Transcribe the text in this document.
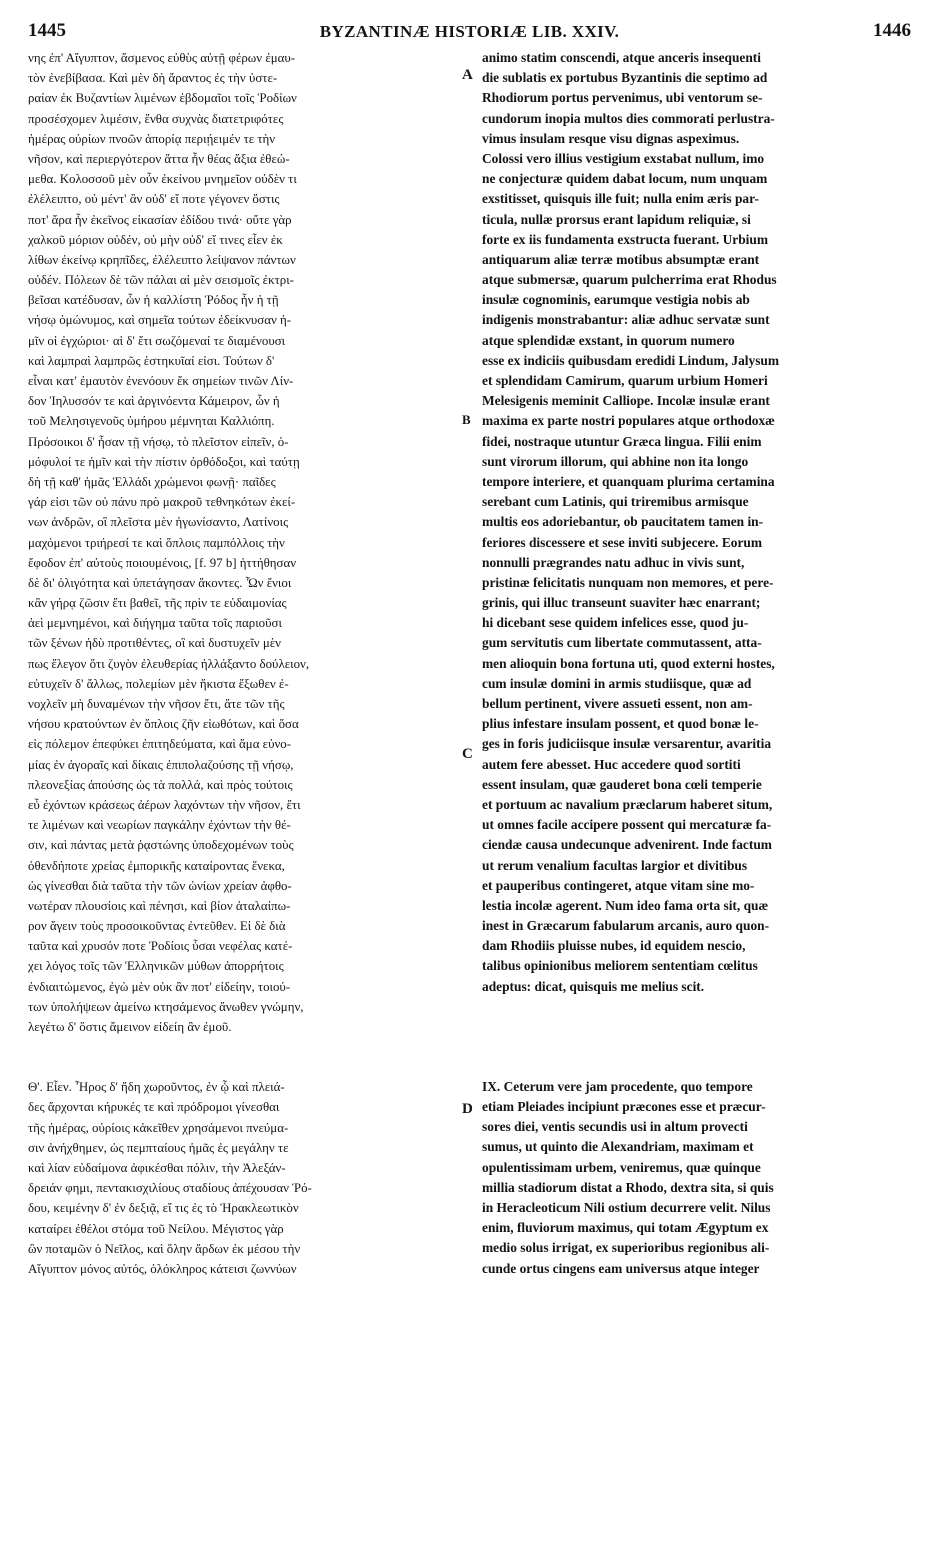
1445	BYZANTINÆ HISTORIÆ LIB. XXIV.	1446
νης ἐπ' Αἴγυπτον, ἄσμενος εὐθὺς αὐτῇ φέρων ἐμαυ-
τὸν ἐνεβίβασα. Καὶ μὲν δὴ ἄραντος ἐς τὴν ὑστε-
ραίαν ἐκ Βυζαντίων λιμένων ἑβδομαῖοι τοῖς Ῥοδίων
προσέσχομεν λιμέσιν, ἔνθα συχνὰς διατετριφότες
ἡμέρας οὐρίων πνοῶν ἀπορίᾳ περιῄειμέν τε τὴν
νῆσον, καὶ περιεργότερον ἅττα ἦν θέας ἄξια ἐθεώ-
μεθα. Κολοσσοῦ μὲν οὖν ἐκείνου μνημεῖον οὐδὲν τι
ἐλέλειπτο, οὐ μέντ' ἂν οὐδ' εἴ ποτε γέγονεν ὅστις
ποτ' ἄρα ἦν ἐκεῖνος εἰκασίαν ἐδίδου τινά· οὔτε γὰρ
χαλκοῦ μόριον οὐδέν, οὐ μὴν οὐδ' εἴ τινες εἶεν ἐκ
λίθων ἐκείνῳ κρηπῖδες, ἐλέλειπτο λείψανον πάντων
οὐδέν. Πόλεων δὲ τῶν πάλαι αἱ μὲν σεισμοῖς ἐκτρι-
βεῖσαι κατέδυσαν, ὧν ἡ καλλίστη Ῥόδος ἦν ἡ τῇ
νήσῳ ὁμώνυμος, καὶ σημεῖα τούτων ἐδείκνυσαν ἡ-
μῖν οἱ ἐγχώριοι· αἱ δ' ἔτι σωζόμεναί τε διαμένουσι
καὶ λαμπραὶ λαμπρῶς ἑστηκυῖαί εἰσι. Τούτων δ'
εἶναι κατ' ἐμαυτὸν ἐνενόουν ἔκ σημείων τινῶν Λίν-
δον Ἰηλυσσόν τε καὶ ἀργινόεντα Κάμειρον, ὧν ἡ
τοῦ Μελησιγενοῦς ὑμήρου μέμνηται Καλλιόπη.
Πρόσοικοι δ' ἦσαν τῇ νήσῳ, τὸ πλεῖστον εἰπεῖν, ὁ-
μόφυλοί τε ἡμῖν καὶ τὴν πίστιν ὀρθόδοξοι, καὶ ταύτῃ
δὴ τῇ καθ' ἡμᾶς Ἑλλάδι χρώμενοι φωνῇ· παῖδες
γάρ εἰσι τῶν οὐ πάνυ πρὸ μακροῦ τεθνηκότων ἐκεί-
νων ἀνδρῶν, οἳ πλεῖστα μὲν ἠγωνίσαντο, Λατίνοις
μαχόμενοι τριήρεσί τε καὶ ὅπλοις παμπόλλοις τὴν
ἔφοδον ἐπ' αὐτοὺς ποιουμένοις, [f. 97 b] ἡττήθησαν
δὲ δι' ὀλιγότητα καὶ ὑπετάγησαν ἄκοντες. Ὧν ἔνιοι
κἂν γήρᾳ ζῶσιν ἔτι βαθεῖ, τῆς πρὶν τε εὐδαιμονίας
ἀεὶ μεμνημένοι, καὶ διήγημα ταῦτα τοῖς παριοῦσι
τῶν ξένων ἡδὺ προτιθέντες, οἳ καὶ δυστυχεῖν μὲν
πως ἔλεγον ὅτι ζυγὸν ἐλευθερίας ἠλλάξαντο δούλειον,
εὐτυχεῖν δ' ἄλλως, πολεμίων μὲν ἥκιστα ἔξωθεν ἐ-
νοχλεῖν μὴ δυναμένων τὴν νῆσον ἔτι, ἅτε τῶν τῆς
νήσου κρατούντων ἐν ὅπλοις ζῆν εἰωθότων, καὶ ὅσα
εἰς πόλεμον ἐπεφύκει ἐπιτηδεύματα, καὶ ἅμα εὐνο-
μίας ἐν ἀγοραῖς καὶ δίκαις ἐπιπολαζούσης τῇ νήσῳ,
πλεονεξίας ἀπούσης ὡς τὰ πολλά, καὶ πρὸς τούτοις
εὖ ἐχόντων κράσεως ἀέρων λαχόντων τὴν νῆσον, ἔτι
τε λιμένων καὶ νεωρίων παγκάλην ἐχόντων τὴν θέ-
σιν, καὶ πάντας μετὰ ῥᾳστώνης ὑποδεχομένων τοὺς
ὁθενδήποτε χρείας ἐμπορικῆς καταίροντας ἕνεκα,
ὡς γίνεσθαι διὰ ταῦτα τὴν τῶν ὠνίων χρείαν ἀφθο-
νωτέραν πλουσίοις καὶ πένησι, καὶ βίον ἀταλαίπω-
ρον ἄγειν τοὺς προσοικοῦντας ἐντεῦθεν. Εἰ δὲ διὰ
ταῦτα καὶ χρυσόν ποτε Ῥοδίοις ὗσαι νεφέλας κατέ-
χει λόγος τοῖς τῶν Ἑλληνικῶν μύθων ἀπορρήτοις
ἐνδιαιτώμενος, ἐγὼ μὲν οὐκ ἂν ποτ' εἰδείην, τοιού-
των ὑπολήψεων ἀμείνω κτησάμενος ἄνωθεν γνώμην,
λεγέτω δ' ὅστις ἄμεινον εἰδείη ἂν ἐμοῦ.
Θ'. Εἶεν. Ἦρος δ' ἤδη χωροῦντος, ἐν ᾧ καὶ πλειά-
δες ἄρχονται κήρυκές τε καὶ πρόδρομοι γίνεσθαι
τῆς ἡμέρας, οὐρίοις κἀκεῖθεν χρησάμενοι πνεύμα-
σιν ἀνήχθημεν, ὡς πεμπταίους ἡμᾶς ἐς μεγάλην τε
καὶ λίαν εὐδαίμονα ἀφικέσθαι πόλιν, τὴν Ἀλεξάν-
δρειάν φημι, πεντακισχιλίους σταδίους ἀπέχουσαν Ῥό-
δου, κειμένην δ' ἐν δεξιᾷ, εἴ τις ἐς τὸ Ἡρακλεωτικὸν
καταίρει ἐθέλοι στόμα τοῦ Νείλου. Μέγιστος γὰρ
ὢν ποταμῶν ὁ Νεῖλος, καὶ ὅλην ἄρδων ἐκ μέσου τὴν
Αἴγυπτον μόνος αὐτός, ὁλόκληρος κάτεισι ζωννύων
animo statim conscendi, atque anceris insequenti
die sublatis ex portubus Byzantinis die septimo ad
Rhodiorum portus pervenimus, ubi ventorum se-
cundorum inopia multos dies commorati perlustra-
vimus insulam resque visu dignas aspeximus.
Colossi vero illius vestigium exstabat nullum, imo
ne conjecturæ quidem dabat locum, num unquam
exstitisset, quisquis ille fuit; nulla enim æris par-
ticula, nullæ prorsus erant lapidum reliquiæ, si
forte ex iis fundamenta exstructa fuerant. Urbium
antiquarum aliæ terræ motibus absumptæ erant
atque submersæ, quarum pulcherrima erat Rhodus
insulæ cognominis, earumque vestigia nobis ab
indigenis monstrabantur: aliæ adhuc servatæ sunt
atque splendidæ exstant, in quorum numero
esse ex indiciis quibusdam eredidi Lindum, Jalysum
et splendidam Camirum, quarum urbium Homeri
Melesigenis meminit Calliope. Incolæ insulæ erant
maxima ex parte nostri populares atque orthodoxæ
fidei, nostraque utuntur Græca lingua. Filii enim
sunt virorum illorum, qui abhine non ita longo
tempore interiere, et quanquam plurima certamina
serebant cum Latinis, qui triremibus armisque
multis eos adoriebantur, ob paucitatem tamen in-
feriores discessere et sese inviti subjecere. Eorum
nonnulli prægrandes natu adhuc in vivis sunt,
pristinæ felicitatis nunquam non memores, et pere-
grinis, qui illuc transeunt suaviter hæc enarrant;
hi dicebant sese quidem infelices esse, quod ju-
gum servitutis cum libertate commutassent, atta-
men alioquin bona fortuna uti, quod externi hostes,
cum insulæ domini in armis studiisque, quæ ad
bellum pertinent, vivere assueti essent, non am-
plius infestare insulam possent, et quod bonæ le-
ges in foris judiciisque insulæ versarentur, avaritia
autem fere abesset. Huc accedere quod sortiti
essent insulam, quæ gauderet bona cœli temperie
et portuum ac navalium præclarum haberet situm,
ut omnes facile accipere possent qui mercaturæ fa-
ciendæ causa undecunque advenirent. Inde factum
ut rerum venalium facultas largior et divitibus
et pauperibus contingeret, atque vitam sine mo-
lestia incolæ agerent. Num ideo fama orta sit, quæ
inest in Græcarum fabularum arcanis, auro quon-
dam Rhodiis pluisse nubes, id equidem nescio,
talibus opinionibus meliorem sententiam cœlitus
adeptus: dicat, quisquis me melius scit.
IX. Ceterum vere jam procedente, quo tempore
etiam Pleiades incipiunt præcones esse et præcur-
sores diei, ventis secundis usi in altum provecti
sumus, ut quinto die Alexandriam, maximam et
opulentissimam urbem, veniremus, quæ quinque
millia stadiorum distat a Rhodo, dextra sita, si quis
in Heracleoticum Nili ostium decurrere velit. Nilus
enim, fluviorum maximus, qui totam Ægyptum ex
medio solus irrigat, ex superioribus regionibus ali-
cunde ortus cingens eam universus atque integer
A
B
C
D
